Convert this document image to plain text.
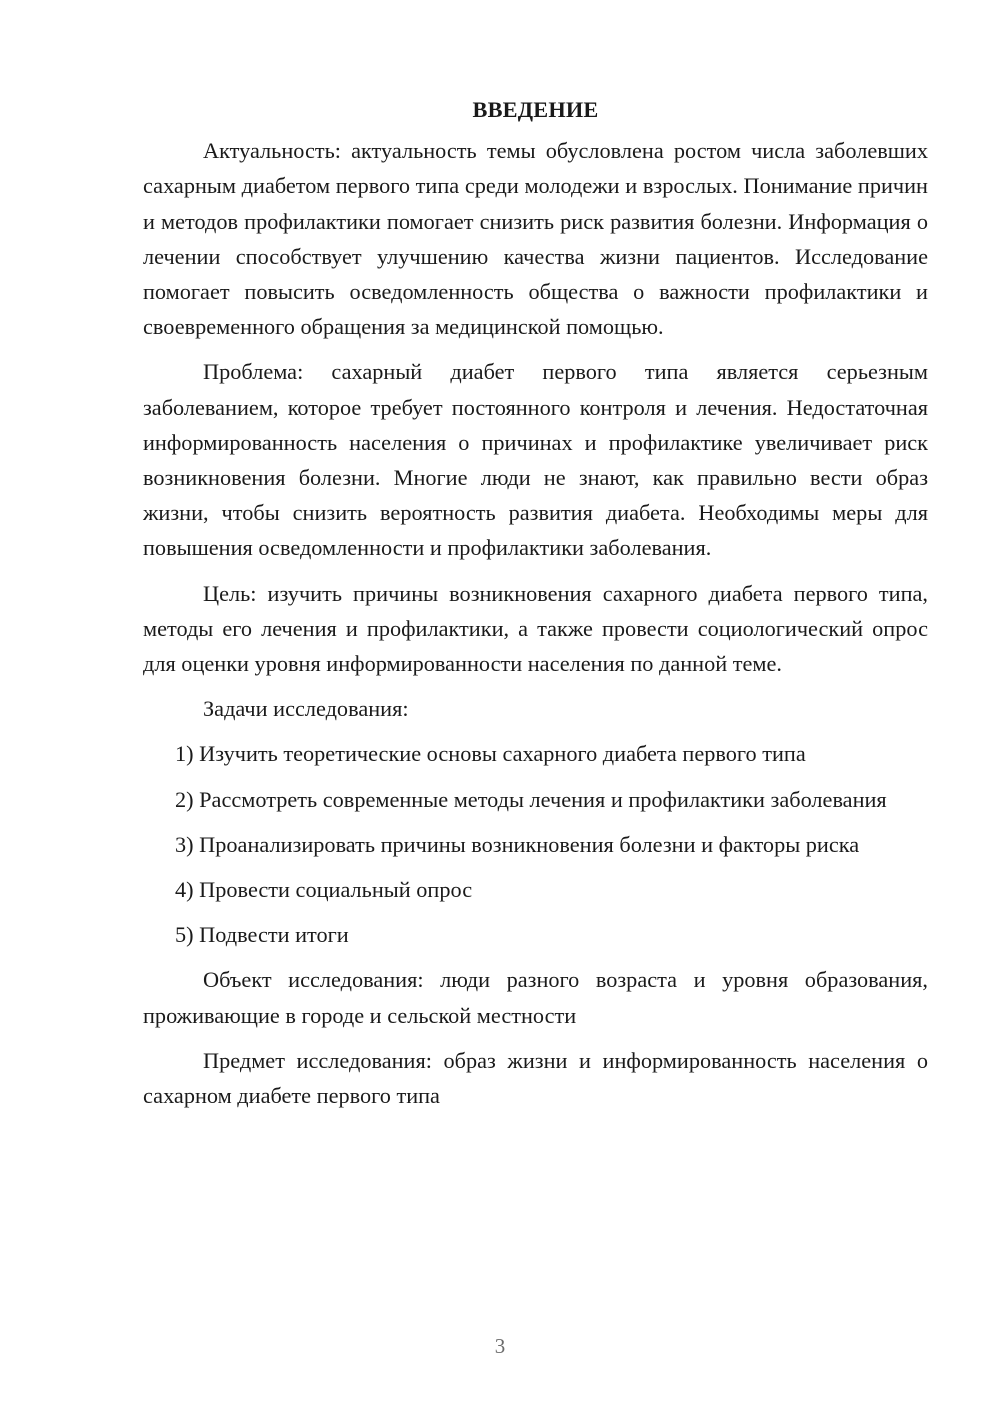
ВВЕДЕНИЕ

Актуальность: актуальность темы обусловлена ростом числа заболевших сахарным диабетом первого типа среди молодежи и взрослых. Понимание причин и методов профилактики помогает снизить риск развития болезни. Информация о лечении способствует улучшению качества жизни пациентов. Исследование помогает повысить осведомленность общества о важности профилактики и своевременного обращения за медицинской помощью.

Проблема: сахарный диабет первого типа является серьезным заболеванием, которое требует постоянного контроля и лечения. Недостаточная информированность населения о причинах и профилактике увеличивает риск возникновения болезни. Многие люди не знают, как правильно вести образ жизни, чтобы снизить вероятность развития диабета. Необходимы меры для повышения осведомленности и профилактики заболевания.

Цель: изучить причины возникновения сахарного диабета первого типа, методы его лечения и профилактики, а также провести социологический опрос для оценки уровня информированности населения по данной теме.

Задачи исследования:

1) Изучить теоретические основы сахарного диабета первого типа

2) Рассмотреть современные методы лечения и профилактики заболевания

3) Проанализировать причины возникновения болезни и факторы риска

4) Провести социальный опрос

5) Подвести итоги

Объект исследования: люди разного возраста и уровня образования, проживающие в городе и сельской местности

Предмет исследования: образ жизни и информированность населения о сахарном диабете первого типа

3
